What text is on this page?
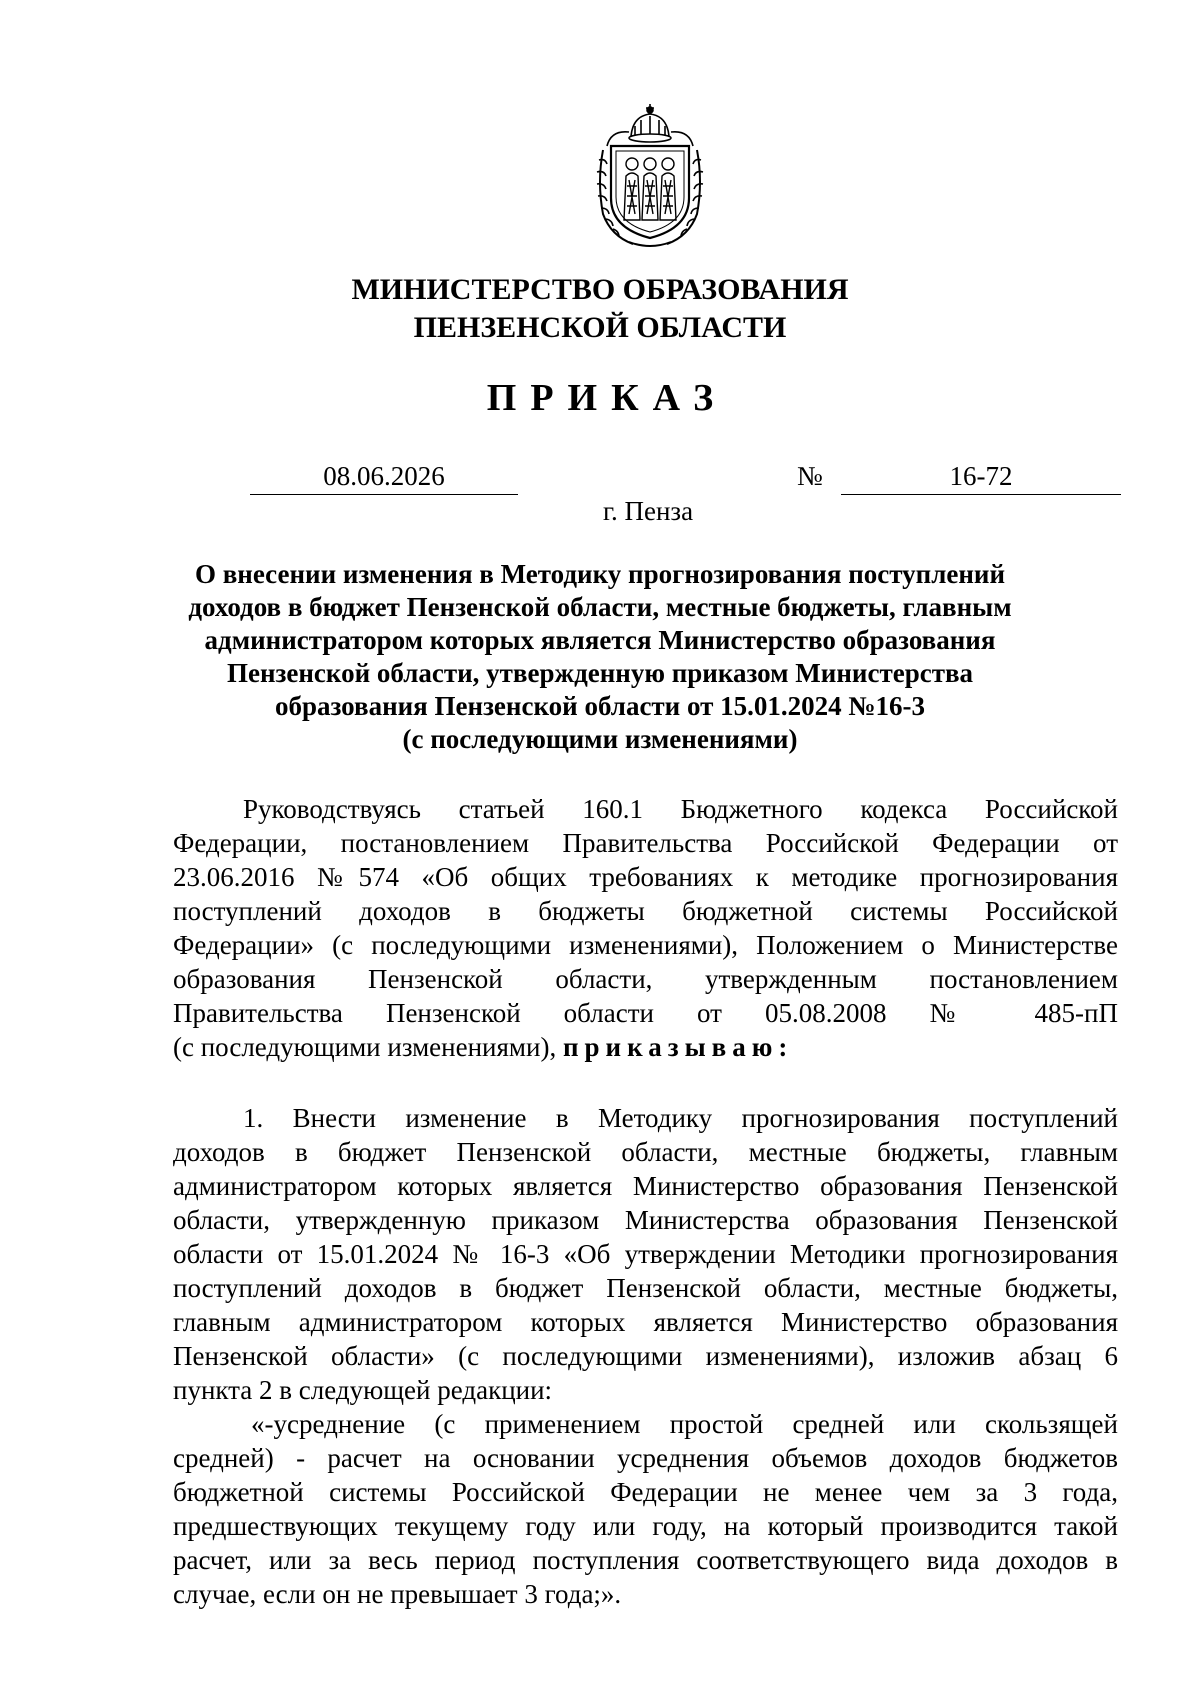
МИНИСТЕРСТВО ОБРАЗОВАНИЯ
ПЕНЗЕНСКОЙ ОБЛАСТИ
ПРИКАЗ
08.06.2026	№	16-72
г. Пенза
О внесении изменения в Методику прогнозирования поступлений
доходов в бюджет Пензенской области, местные бюджеты, главным
администратором которых является Министерство образования
Пензенской области, утвержденную приказом Министерства
образования Пензенской области от 15.01.2024 №16-3
(с последующими изменениями)
Руководствуясь статьей 160.1 Бюджетного кодекса Российской
Федерации, постановлением Правительства Российской Федерации от
23.06.2016 №574 «Об общих требованиях к методике прогнозирования
поступлений доходов в бюджеты бюджетной системы Российской
Федерации» (с последующими изменениями), Положением о Министерстве
образования Пензенской области, утвержденным постановлением
Правительства Пензенской области от 05.08.2008 № 485-пП
(с последующими изменениями), приказываю:
1. Внести изменение в Методику прогнозирования поступлений
доходов в бюджет Пензенской области, местные бюджеты, главным
администратором которых является Министерство образования Пензенской
области, утвержденную приказом Министерства образования Пензенской
области от 15.01.2024 № 16-3 «Об утверждении Методики прогнозирования
поступлений доходов в бюджет Пензенской области, местные бюджеты,
главным администратором которых является Министерство образования
Пензенской области» (с последующими изменениями), изложив абзац 6
пункта 2 в следующей редакции:
«-усреднение (с применением простой средней или скользящей
средней) - расчет на основании усреднения объемов доходов бюджетов
бюджетной системы Российской Федерации не менее чем за 3 года,
предшествующих текущему году или году, на который производится такой
расчет, или за весь период поступления соответствующего вида доходов в
случае, если он не превышает 3 года;».
